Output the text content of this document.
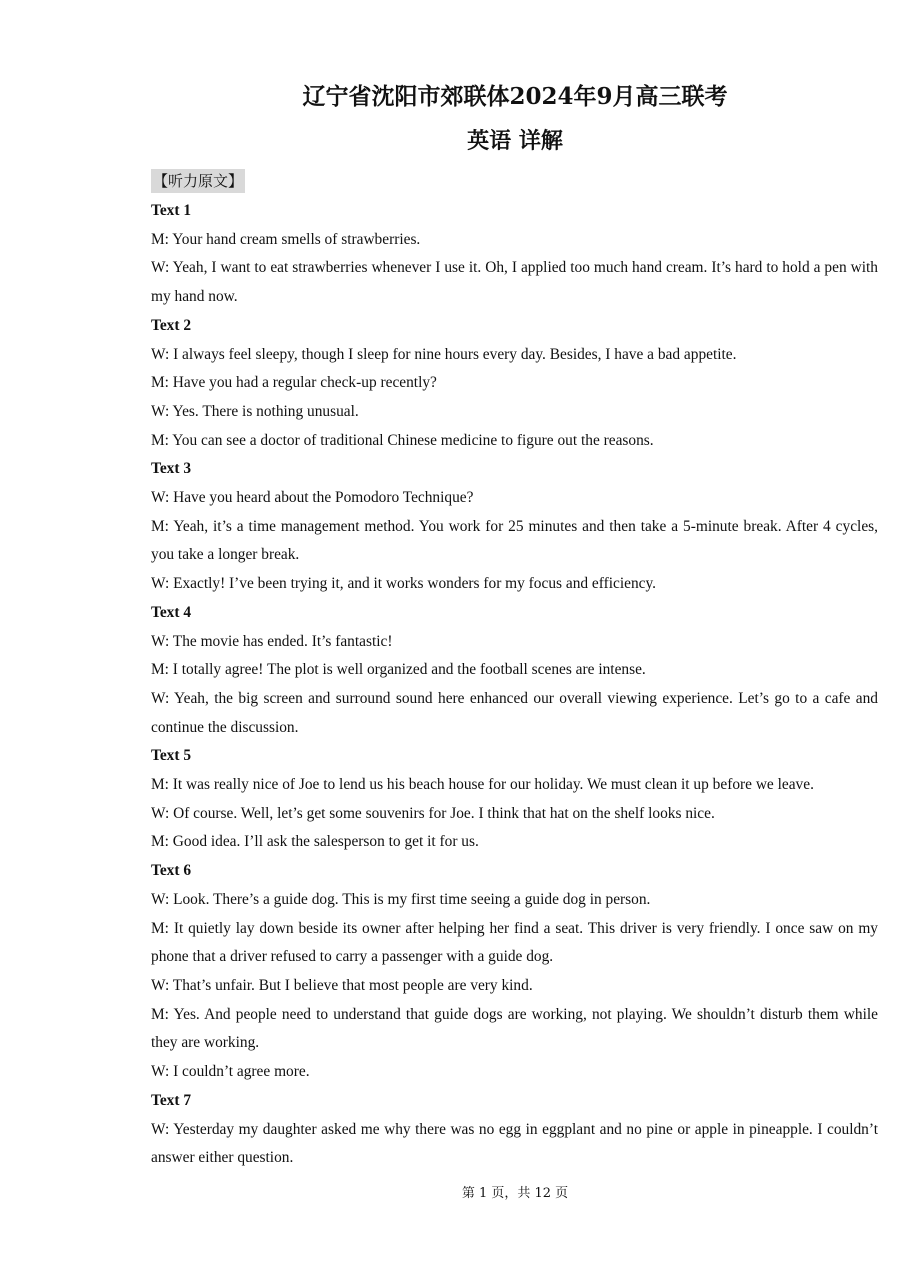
辽宁省沈阳市郊联体2024年9月高三联考
英语 详解
【听力原文】

Text 1

M: Your hand cream smells of strawberries.

W: Yeah, I want to eat strawberries whenever I use it. Oh, I applied too much hand cream. It’s hard to hold a pen with my hand now.

Text 2

W: I always feel sleepy, though I sleep for nine hours every day. Besides, I have a bad appetite.

M: Have you had a regular check-up recently?

W: Yes. There is nothing unusual.

M: You can see a doctor of traditional Chinese medicine to figure out the reasons.

Text 3

W: Have you heard about the Pomodoro Technique?

M: Yeah, it’s a time management method. You work for 25 minutes and then take a 5-minute break. After 4 cycles, you take a longer break.

W: Exactly! I’ve been trying it, and it works wonders for my focus and efficiency.

Text 4

W: The movie has ended. It’s fantastic!

M: I totally agree! The plot is well organized and the football scenes are intense.

W: Yeah, the big screen and surround sound here enhanced our overall viewing experience. Let’s go to a cafe and continue the discussion.

Text 5

M: It was really nice of Joe to lend us his beach house for our holiday. We must clean it up before we leave.

W: Of course. Well, let’s get some souvenirs for Joe. I think that hat on the shelf looks nice.

M: Good idea. I’ll ask the salesperson to get it for us.

Text 6

W: Look. There’s a guide dog. This is my first time seeing a guide dog in person.

M: It quietly lay down beside its owner after helping her find a seat. This driver is very friendly. I once saw on my phone that a driver refused to carry a passenger with a guide dog.

W: That’s unfair. But I believe that most people are very kind.

M: Yes. And people need to understand that guide dogs are working, not playing. We shouldn’t disturb them while they are working.

W: I couldn’t agree more.

Text 7

W: Yesterday my daughter asked me why there was no egg in eggplant and no pine or apple in pineapple. I couldn’t answer either question.

第 1 页，共 12 页
